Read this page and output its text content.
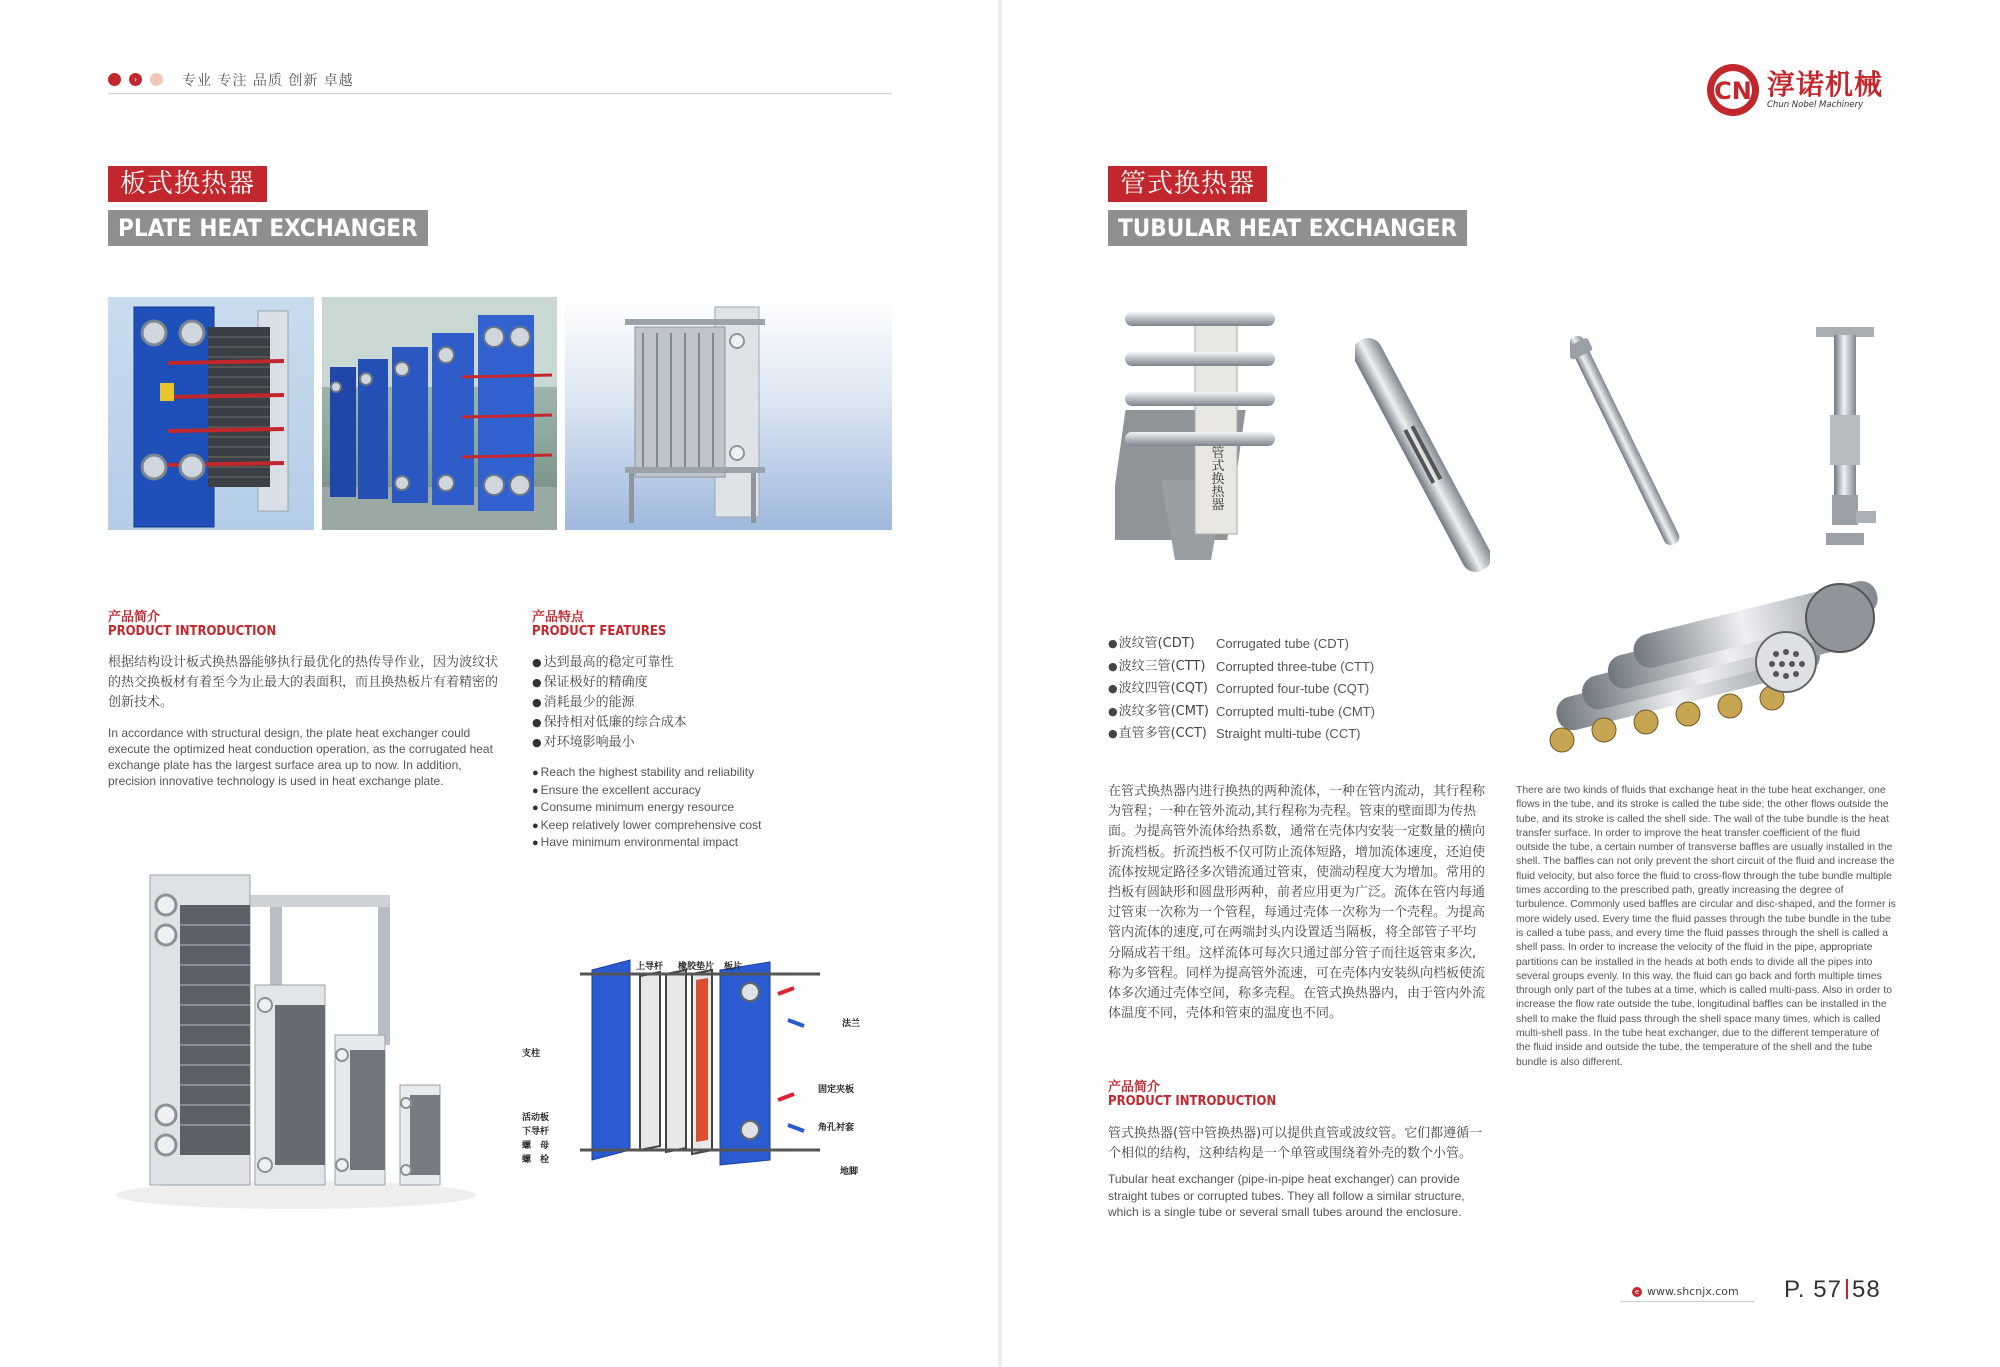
›	专业 专注 品质 创新 卓越
板式换热器
PLATE HEAT EXCHANGER
产品简介
PRODUCT INTRODUCTION
根据结构设计板式换热器能够执行最优化的热传导作业，因为波纹状的热交换板材有着至今为止最大的表面积，而且换热板片有着精密的创新技术。
In accordance with structural design, the plate heat exchanger could execute the optimized heat conduction operation, as the corrugated heat exchange plate has the largest surface area up to now. In addition, precision innovative technology is used in heat exchange plate.
产品特点
PRODUCT FEATURES
● 达到最高的稳定可靠性
● 保证极好的精确度
● 消耗最少的能源
● 保持相对低廉的综合成本
● 对环境影响最小
● Reach the highest stability and reliability
● Ensure the excellent accuracy
● Consume minimum energy resource
● Keep relatively lower comprehensive cost
● Have minimum environmental impact
上导杆 橡胶垫片 板片
支柱
法兰
固定夹板
活动板
下导杆
螺　母
螺　栓
角孔衬套
地脚
CN 淳诺机械
Chun Nobel Machinery
管式换热器
TUBULAR HEAT EXCHANGER
管式换热器
● 波纹管(CDT)	Corrugated tube (CDT)
● 波纹三管(CTT) Corrupted three-tube (CTT)
● 波纹四管(CQT) Corrupted four-tube (CQT)
● 波纹多管(CMT) Corrupted multi-tube (CMT)
● 直管多管(CCT) Straight multi-tube (CCT)
在管式换热器内进行换热的两种流体，一种在管内流动，其行程称为管程；一种在管外流动,其行程称为壳程。管束的壁面即为传热面。为提高管外流体给热系数，通常在壳体内安装一定数量的横向折流档板。折流挡板不仅可防止流体短路，增加流体速度，还迫使流体按规定路径多次错流通过管束，使湍动程度大为增加。常用的挡板有圆缺形和圆盘形两种，前者应用更为广泛。流体在管内每通过管束一次称为一个管程，每通过壳体一次称为一个壳程。为提高管内流体的速度,可在两端封头内设置适当隔板，将全部管子平均分隔成若干组。这样流体可每次只通过部分管子而往返管束多次,称为多管程。同样为提高管外流速，可在壳体内安装纵向档板使流体多次通过壳体空间，称多壳程。在管式换热器内，由于管内外流体温度不同，壳体和管束的温度也不同。
There are two kinds of fluids that exchange heat in the tube heat exchanger, one flows in the tube, and its stroke is called the tube side; the other flows outside the tube, and its stroke is called the shell side. The wall of the tube bundle is the heat transfer surface. In order to improve the heat transfer coefficient of the fluid outside the tube, a certain number of transverse baffles are usually installed in the shell. The baffles can not only prevent the short circuit of the fluid and increase the fluid velocity, but also force the fluid to cross-flow through the tube bundle multiple times according to the prescribed path, greatly increasing the degree of turbulence. Commonly used baffles are circular and disc-shaped, and the former is more widely used. Every time the fluid passes through the tube bundle in the tube is called a tube pass, and every time the fluid passes through the shell is called a shell pass. In order to increase the velocity of the fluid in the pipe, appropriate partitions can be installed in the heads at both ends to divide all the pipes into several groups evenly. In this way, the fluid can go back and forth multiple times through only part of the tubes at a time, which is called multi-pass. Also in order to increase the flow rate outside the tube, longitudinal baffles can be installed in the shell to make the fluid pass through the shell space many times, which is called multi-shell pass. In the tube heat exchanger, due to the different temperature of the fluid inside and outside the tube, the temperature of the shell and the tube bundle is also different.
产品简介
PRODUCT INTRODUCTION
管式换热器(管中管换热器)可以提供直管或波纹管。它们都遵循一个相似的结构，这种结构是一个单管或围绕着外壳的数个小管。
Tubular heat exchanger (pipe-in-pipe heat exchanger) can provide straight tubes or corrupted tubes. They all follow a similar structure, which is a single tube or several small tubes around the enclosure.
e www.shcnjx.com P. 57 58
